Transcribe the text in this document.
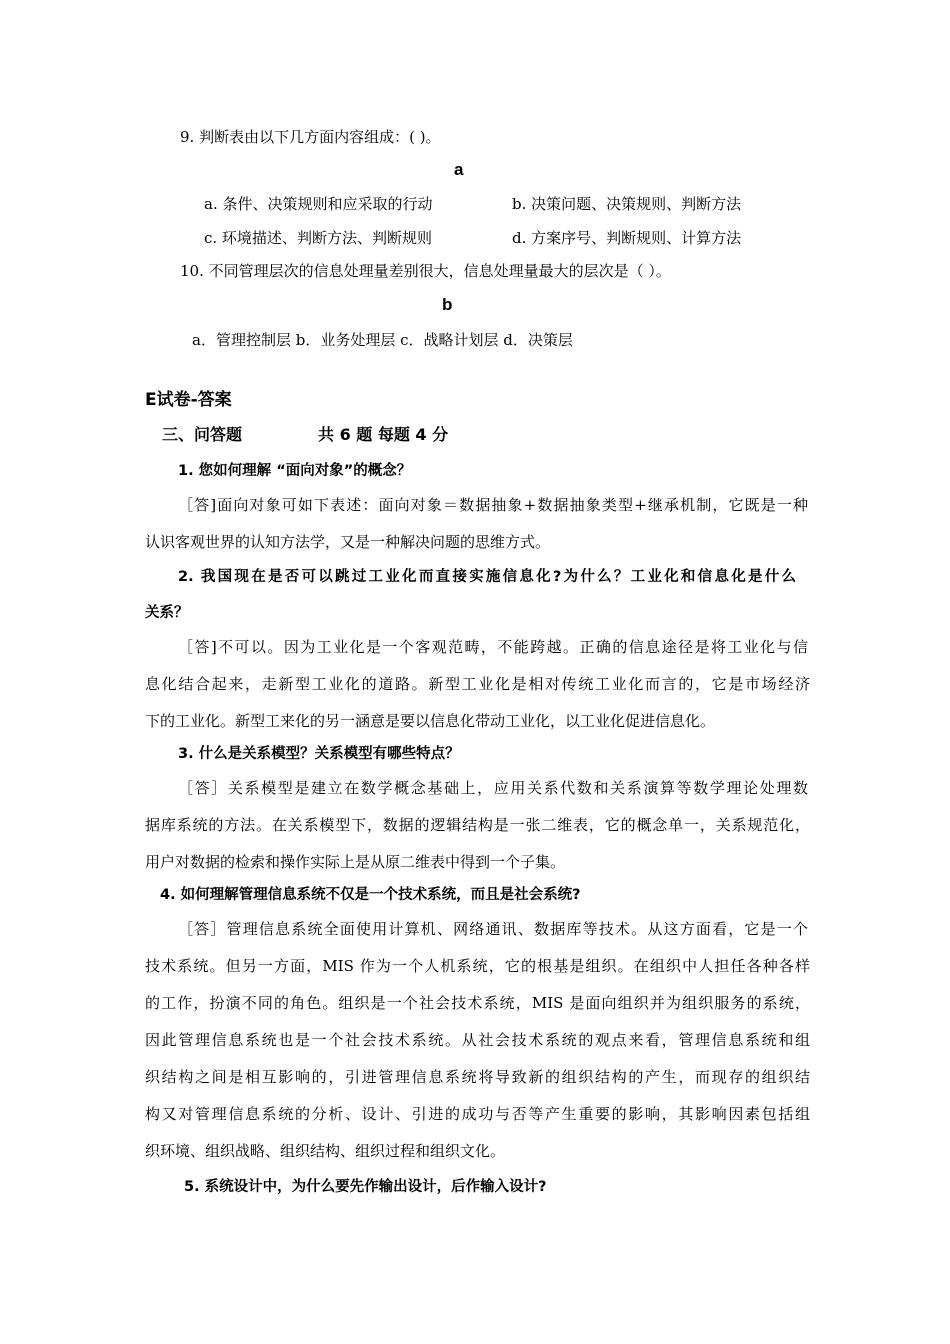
9. 判断表由以下几方面内容组成：( )。
a
a. 条件、决策规则和应采取的行动	b. 决策问题、决策规则、判断方法
c. 环境描述、判断方法、判断规则	d. 方案序号、判断规则、计算方法
10. 不同管理层次的信息处理量差别很大，信息处理量最大的层次是（ ）。
b
a．管理控制层 b．业务处理层 c．战略计划层 d．决策层
E试卷-答案
三、问答题	共 6 题 每题 4 分
1. 您如何理解 “面向对象”的概念？
［答]面向对象可如下表述：面向对象＝数据抽象+数据抽象类型+继承机制，它既是一种
认识客观世界的认知方法学，又是一种解决问题的思维方式。
2. 我国现在是否可以跳过工业化而直接实施信息化?为什么？工业化和信息化是什么
关系？
［答]不可以。因为工业化是一个客观范畴，不能跨越。正确的信息途径是将工业化与信
息化结合起来，走新型工业化的道路。新型工业化是相对传统工业化而言的，它是市场经济
下的工业化。新型工来化的另一涵意是要以信息化带动工业化，以工业化促进信息化。
3. 什么是关系模型？关系模型有哪些特点？
［答］关系模型是建立在数学概念基础上，应用关系代数和关系演算等数学理论处理数
据库系统的方法。在关系模型下，数据的逻辑结构是一张二维表，它的概念单一，关系规范化，
用户对数据的检索和操作实际上是从原二维表中得到一个子集。
4. 如何理解管理信息系统不仅是一个技术系统，而且是社会系统?
［答］管理信息系统全面使用计算机、网络通讯、数据库等技术。从这方面看，它是一个
技术系统。但另一方面，MIS 作为一个人机系统，它的根基是组织。在组织中人担任各种各样
的工作，扮演不同的角色。组织是一个社会技术系统，MIS 是面向组织并为组织服务的系统，
因此管理信息系统也是一个社会技术系统。从社会技术系统的观点来看，管理信息系统和组
织结构之间是相互影响的，引进管理信息系统将导致新的组织结构的产生，而现存的组织结
构又对管理信息系统的分析、设计、引进的成功与否等产生重要的影响，其影响因素包括组
织环境、组织战略、组织结构、组织过程和组织文化。
5. 系统设计中，为什么要先作输出设计，后作输入设计?
